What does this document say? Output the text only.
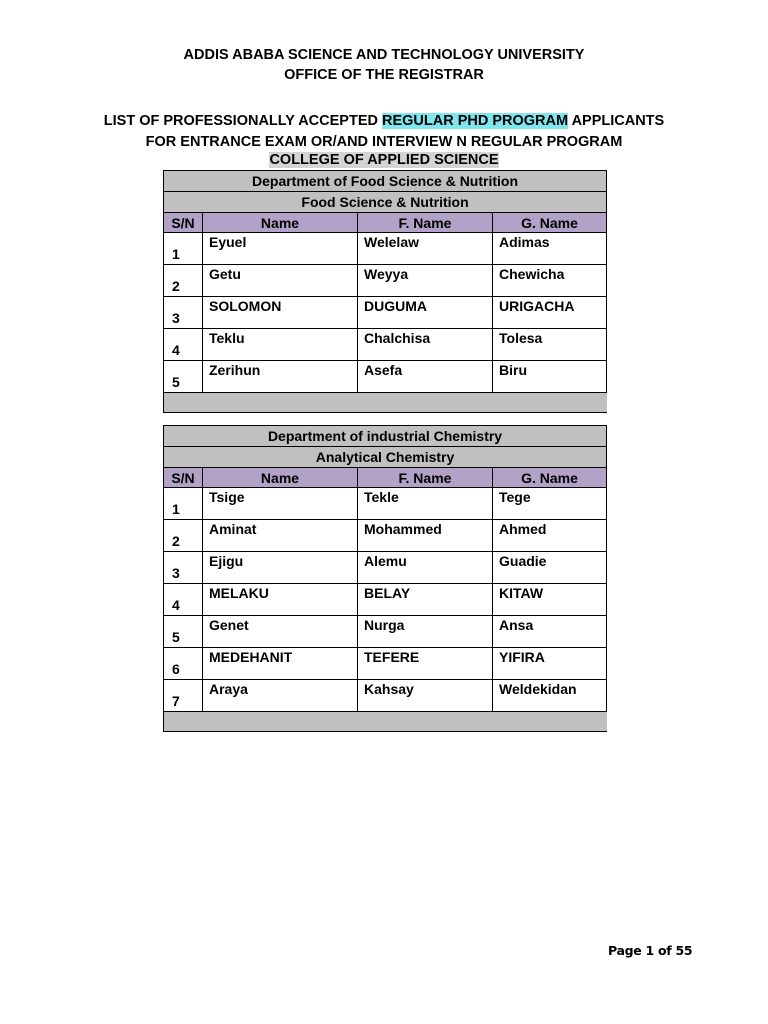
ADDIS ABABA SCIENCE AND TECHNOLOGY UNIVERSITY
OFFICE OF THE REGISTRAR
LIST OF PROFESSIONALLY ACCEPTED REGULAR PHD PROGRAM APPLICANTS
FOR ENTRANCE EXAM OR/AND INTERVIEW N REGULAR PROGRAM
COLLEGE OF APPLIED SCIENCE
Department of Food Science & Nutrition			
Food Science & Nutrition			
S/N	Name	F. Name	G. Name
1	Eyuel	Welelaw	Adimas
2	Getu	Weyya	Chewicha
3	SOLOMON	DUGUMA	URIGACHA
4	Teklu	Chalchisa	Tolesa
5	Zerihun	Asefa	Biru

Department of industrial Chemistry			
Analytical Chemistry			
S/N	Name	F. Name	G. Name
1	Tsige	Tekle	Tege
2	Aminat	Mohammed	Ahmed
3	Ejigu	Alemu	Guadie
4	MELAKU	BELAY	KITAW
5	Genet	Nurga	Ansa
6	MEDEHANIT	TEFERE	YIFIRA
7	Araya	Kahsay	Weldekidan

Page 1 of 55
